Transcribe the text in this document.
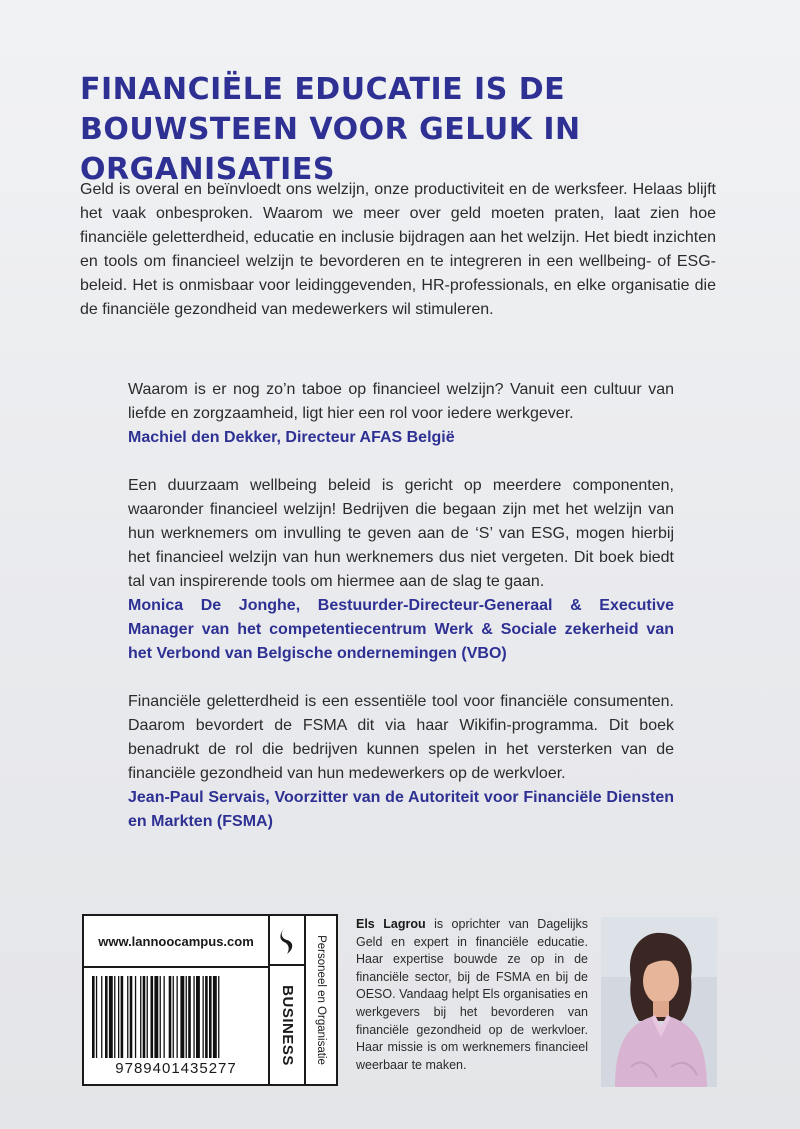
FINANCIËLE EDUCATIE IS DE BOUWSTEEN VOOR GELUK IN ORGANISATIES

Geld is overal en beïnvloedt ons welzijn, onze productiviteit en de werksfeer. Helaas blijft het vaak onbesproken. Waarom we meer over geld moeten praten, laat zien hoe financiële geletterdheid, educatie en inclusie bijdragen aan het welzijn. Het biedt inzichten en tools om financieel welzijn te bevorderen en te integreren in een wellbeing- of ESG-beleid. Het is onmisbaar voor leidinggevenden, HR-professionals, en elke organisatie die de financiële gezondheid van medewerkers wil stimuleren.

Waarom is er nog zo’n taboe op financieel welzijn? Vanuit een cultuur van liefde en zorgzaamheid, ligt hier een rol voor iedere werkgever.

Machiel den Dekker, Directeur AFAS België

Een duurzaam wellbeing beleid is gericht op meerdere componenten, waaronder financieel welzijn! Bedrijven die begaan zijn met het welzijn van hun werknemers om invulling te geven aan de ‘S’ van ESG, mogen hierbij het financieel welzijn van hun werknemers dus niet vergeten. Dit boek biedt tal van inspirerende tools om hiermee aan de slag te gaan.

Monica De Jonghe, Bestuurder-Directeur-Generaal & Executive Manager van het competentiecentrum Werk & Sociale zekerheid van het Verbond van Belgische ondernemingen (VBO)

Financiële geletterdheid is een essentiële tool voor financiële consumenten. Daarom bevordert de FSMA dit via haar Wikifin-programma. Dit boek benadrukt de rol die bedrijven kunnen spelen in het versterken van de financiële gezondheid van hun medewerkers op de werkvloer.

Jean-Paul Servais, Voorzitter van de Autoriteit voor Financiële Diensten en Markten (FSMA)

www.lannoocampus.com
9789401435277
BUSINESS Personeel en Organisatie

Els Lagrou is oprichter van Dagelijks Geld en expert in financiële educatie. Haar expertise bouwde ze op in de financiële sector, bij de FSMA en bij de OESO. Vandaag helpt Els organisaties en werkgevers bij het bevorderen van financiële gezondheid op de werkvloer. Haar missie is om werknemers financieel weerbaar te maken.
